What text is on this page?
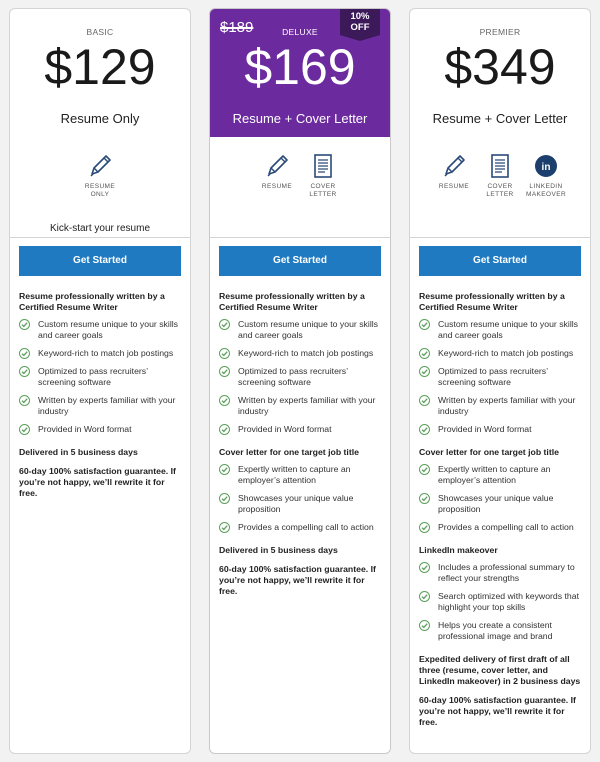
BASIC
$129
Resume Only
RESUME ONLY
Kick-start your resume
Get Started
Resume professionally written by a Certified Resume Writer
Custom resume unique to your skills and career goals
Keyword-rich to match job postings
Optimized to pass recruiters’ screening software
Written by experts familiar with your industry
Provided in Word format
Delivered in 5 business days
60-day 100% satisfaction guarantee. If you’re not happy, we’ll rewrite it for free.
$189
10% OFF
DELUXE
$169
Resume + Cover Letter
RESUME	COVER LETTER
Get Started
Resume professionally written by a Certified Resume Writer
Custom resume unique to your skills and career goals
Keyword-rich to match job postings
Optimized to pass recruiters’ screening software
Written by experts familiar with your industry
Provided in Word format
Cover letter for one target job title
Expertly written to capture an employer’s attention
Showcases your unique value proposition
Provides a compelling call to action
Delivered in 5 business days
60-day 100% satisfaction guarantee. If you’re not happy, we’ll rewrite it for free.
PREMIER
$349
Resume + Cover Letter
RESUME	COVER LETTER
in
LINKEDIN MAKEOVER
Get Started
Resume professionally written by a Certified Resume Writer
Custom resume unique to your skills and career goals
Keyword-rich to match job postings
Optimized to pass recruiters’ screening software
Written by experts familiar with your industry
Provided in Word format
Cover letter for one target job title
Expertly written to capture an employer’s attention
Showcases your unique value proposition
Provides a compelling call to action
LinkedIn makeover
Includes a professional summary to reflect your strengths
Search optimized with keywords that highlight your top skills
Helps you create a consistent professional image and brand
Expedited delivery of first draft of all three (resume, cover letter, and LinkedIn makeover) in 2 business days
60-day 100% satisfaction guarantee. If you’re not happy, we’ll rewrite it for free.
